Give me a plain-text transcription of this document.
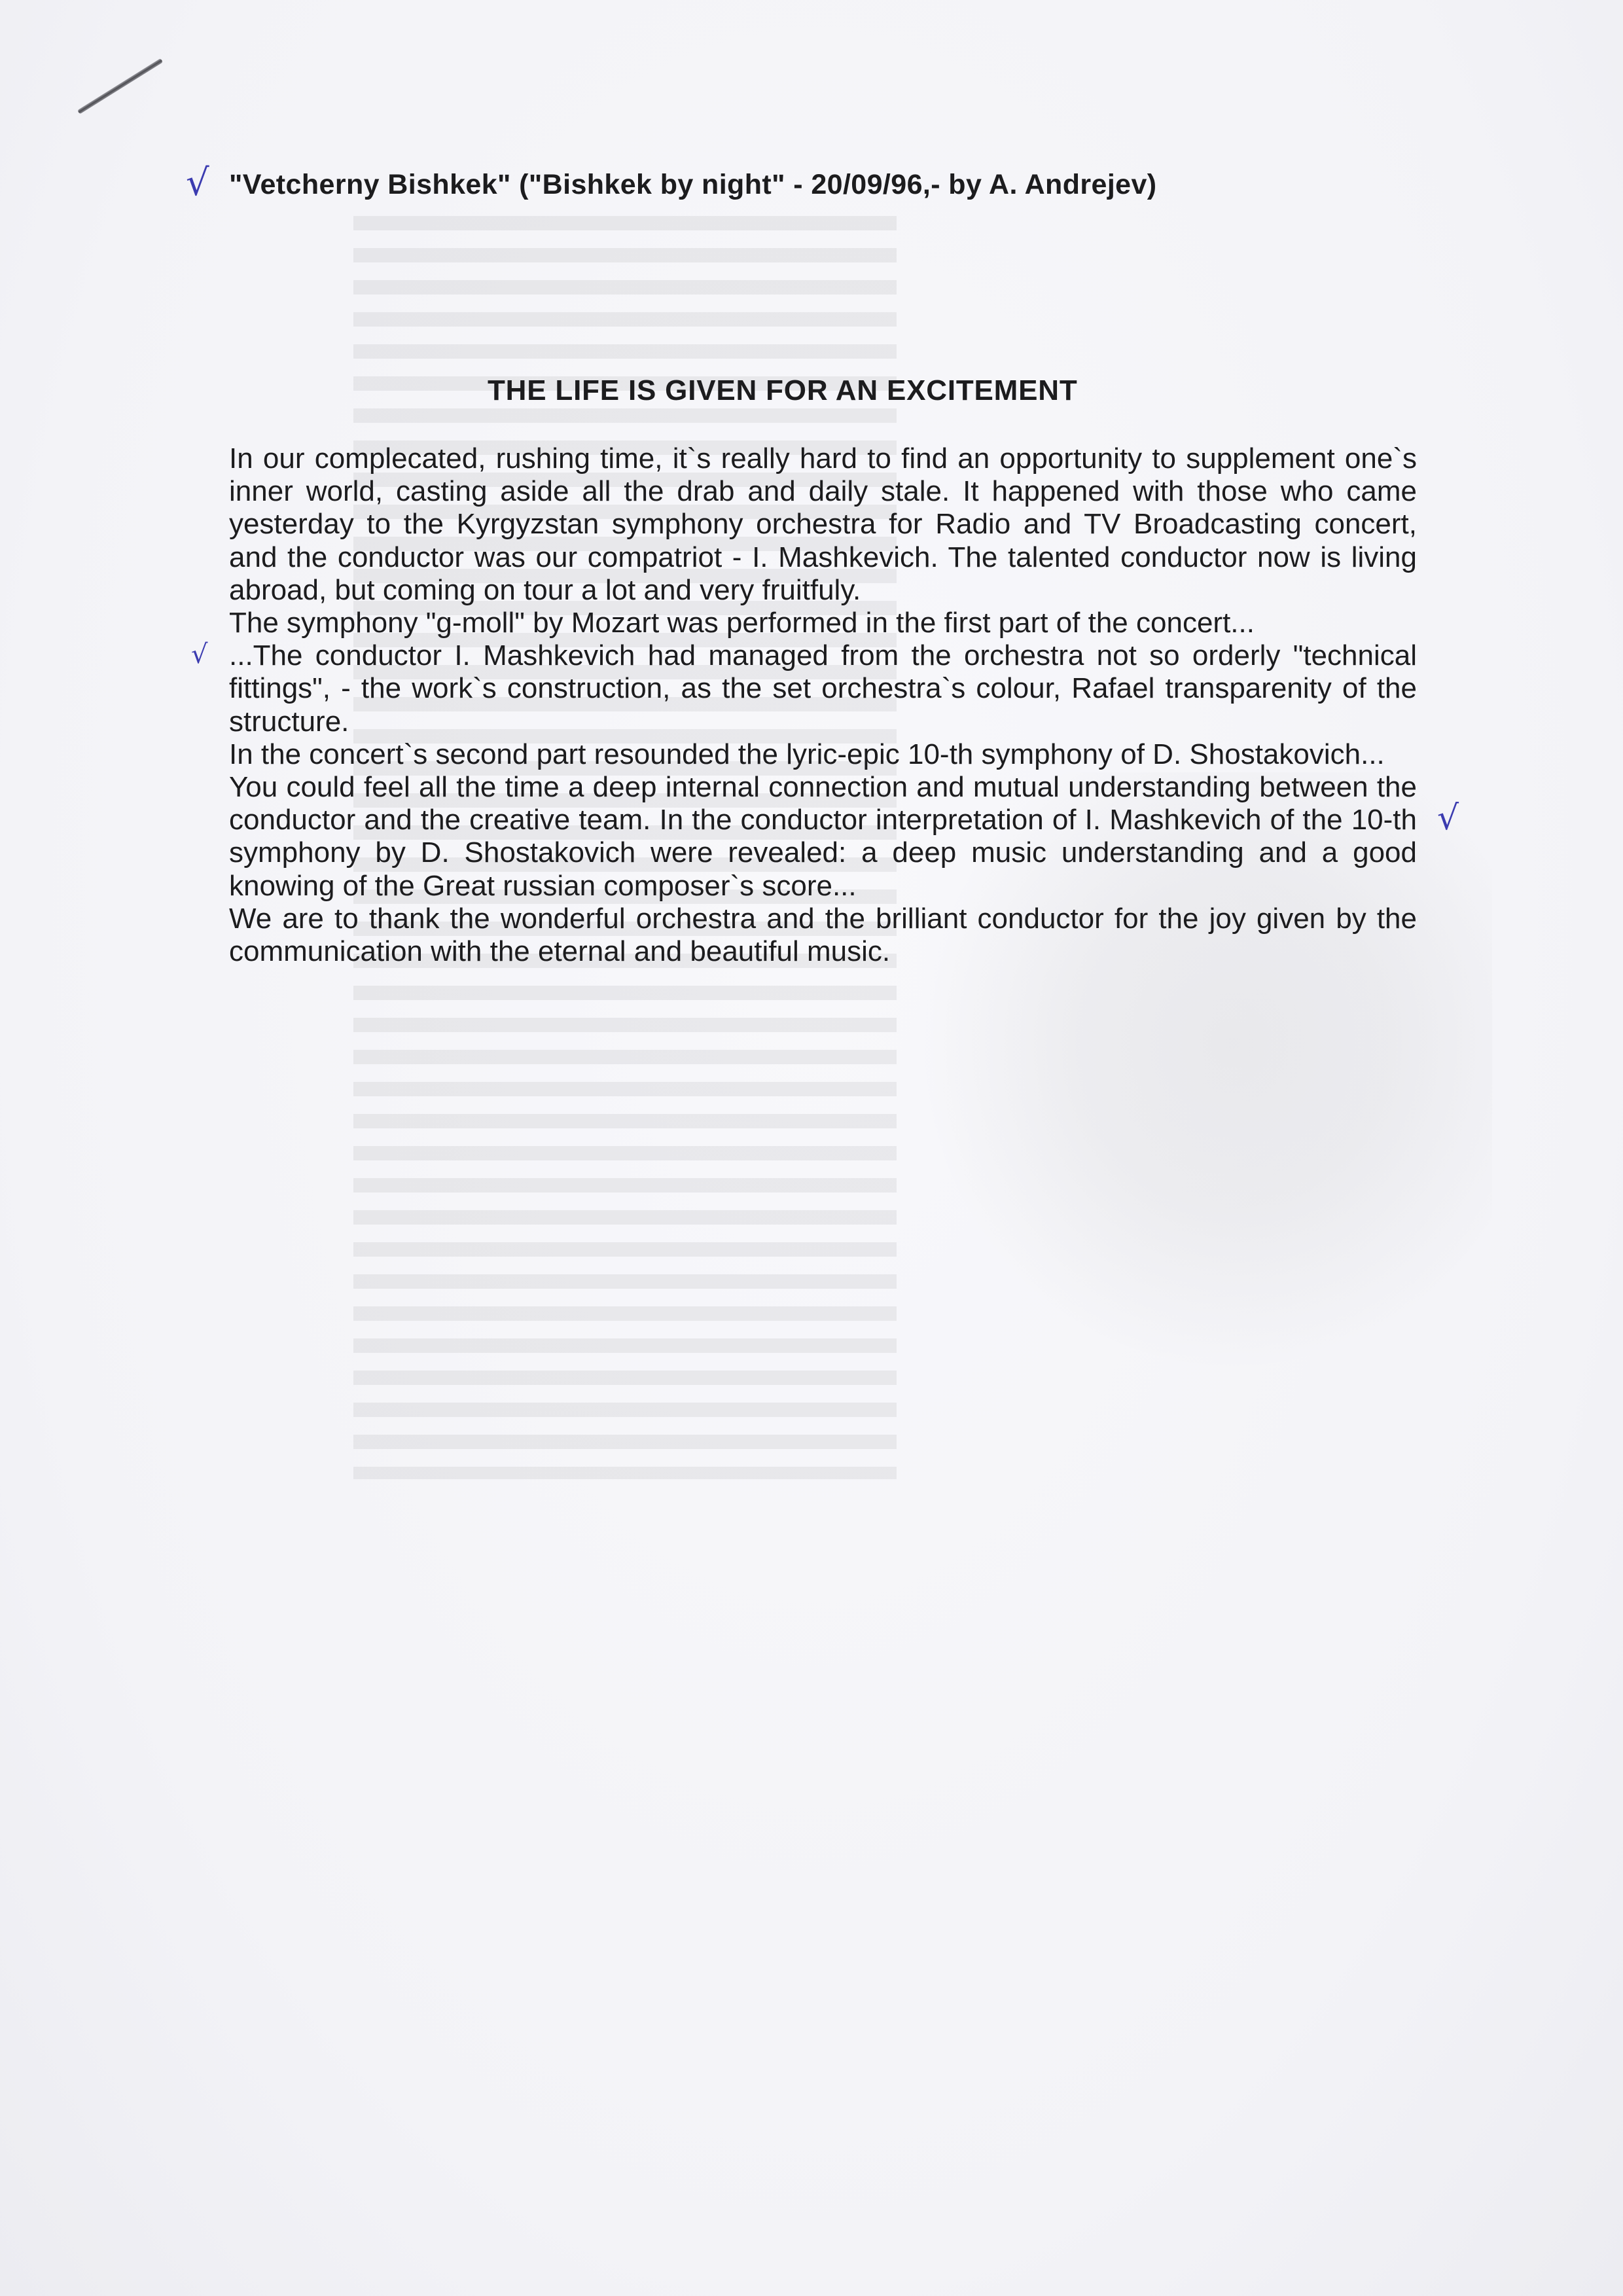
√
√
√
"Vetcherny Bishkek" ("Bishkek by night" - 20/09/96,- by A. Andrejev)
THE LIFE IS GIVEN FOR AN EXCITEMENT

In our complecated, rushing time, it`s really hard to find an opportunity to supplement one`s inner world, casting aside all the drab and daily stale. It happened with those who came yesterday to the Kyrgyzstan symphony orchestra for Radio and TV Broadcasting concert, and the conductor was our compatriot - I. Mashkevich. The talented conductor now is living abroad, but coming on tour a lot and very fruitfuly.

The symphony "g-moll" by Mozart was performed in the first part of the concert...

...The conductor I. Mashkevich had managed from the orchestra not so orderly "technical fittings", - the work`s construction, as the set orchestra`s colour, Rafael transparenity of the structure.

In the concert`s second part resounded the lyric-epic 10-th symphony of D. Shostakovich...

You could feel all the time a deep internal connection and mutual understanding between the conductor and the creative team. In the conductor interpretation of I. Mashkevich of the 10-th symphony by D. Shostakovich were revealed: a deep music understanding and a good knowing of the Great russian composer`s score...

We are to thank the wonderful orchestra and the brilliant conductor for the joy given by the communication with the eternal and beautiful music.
